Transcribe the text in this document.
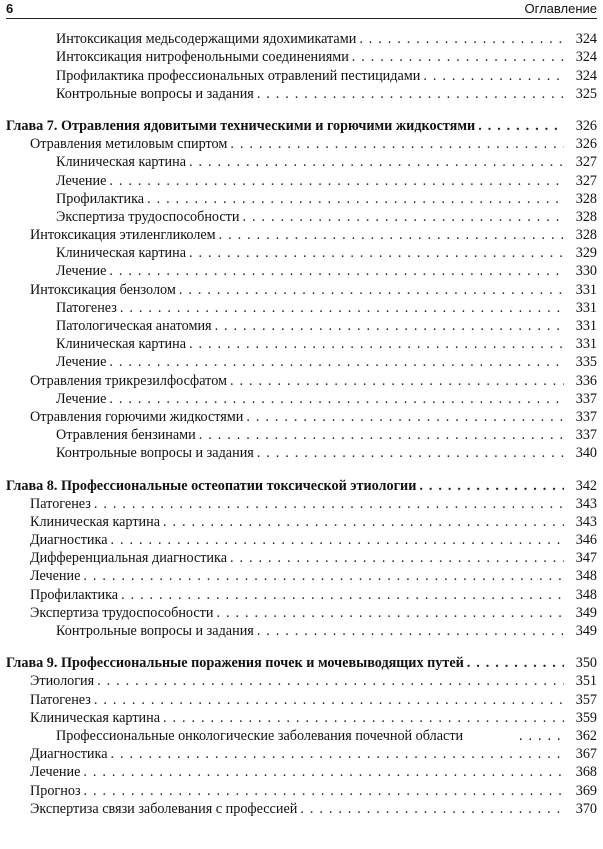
6	Оглавление
Интоксикация медьсодержащими ядохимикатами . . .	324
Интоксикация нитрофенольными соединениями . . .	324
Профилактика профессиональных отравлений пестицидами . . .	324
Контрольные вопросы и задания . . .	325
Глава 7. Отравления ядовитыми техническими и горючими жидкостями . . .	326
Отравления метиловым спиртом . . .	326
Клиническая картина . . .	327
Лечение . . .	327
Профилактика . . .	328
Экспертиза трудоспособности . . .	328
Интоксикация этиленгликолем . . .	328
Клиническая картина . . .	329
Лечение . . .	330
Интоксикация бензолом . . .	331
Патогенез . . .	331
Патологическая анатомия . . .	331
Клиническая картина . . .	331
Лечение . . .	335
Отравления трикрезилфосфатом . . .	336
Лечение . . .	337
Отравления горючими жидкостями . . .	337
Отравления бензинами . . .	337
Контрольные вопросы и задания . . .	340
Глава 8. Профессиональные остеопатии токсической этиологии . . .	342
Патогенез . . .	343
Клиническая картина . . .	343
Диагностика . . .	346
Дифференциальная диагностика . . .	347
Лечение . . .	348
Профилактика . . .	348
Экспертиза трудоспособности . . .	349
Контрольные вопросы и задания . . .	349
Глава 9. Профессиональные поражения почек и мочевыводящих путей . . .	350
Этиология . . .	351
Патогенез . . .	357
Клиническая картина . . .	359
Профессиональные онкологические заболевания почечной области . . .	362
Диагностика . . .	367
Лечение . . .	368
Прогноз . . .	369
Экспертиза связи заболевания с профессией . . .	370
